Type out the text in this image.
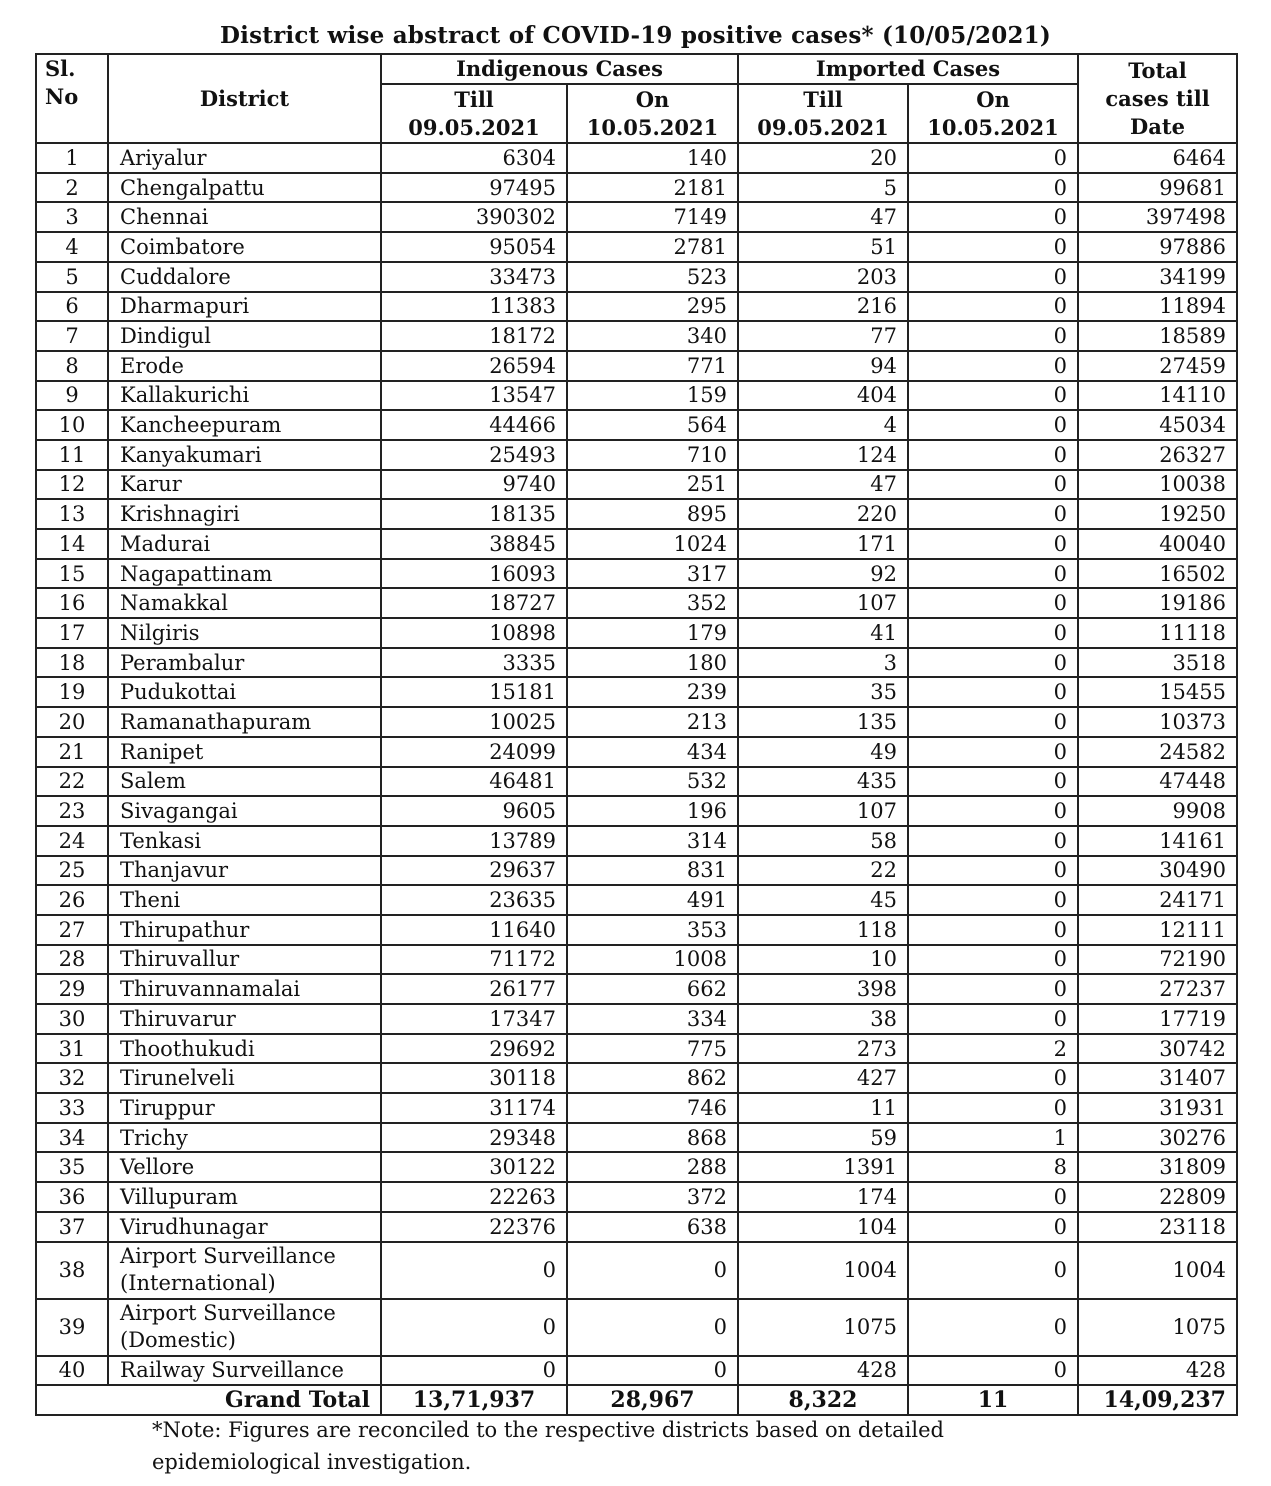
District wise abstract of COVID-19 positive cases* (10/05/2021)
Sl.
No	District	Indigenous Cases		Imported Cases		Total
cases till
Date
		Till	On	Till	On	
		09.05.2021	10.05.2021	09.05.2021	10.05.2021	
1	Ariyalur	6304	140	20	0	6464
2	Chengalpattu	97495	2181	5	0	99681
3	Chennai	390302	7149	47	0	397498
4	Coimbatore	95054	2781	51	0	97886
5	Cuddalore	33473	523	203	0	34199
6	Dharmapuri	11383	295	216	0	11894
7	Dindigul	18172	340	77	0	18589
8	Erode	26594	771	94	0	27459
9	Kallakurichi	13547	159	404	0	14110
10	Kancheepuram	44466	564	4	0	45034
11	Kanyakumari	25493	710	124	0	26327
12	Karur	9740	251	47	0	10038
13	Krishnagiri	18135	895	220	0	19250
14	Madurai	38845	1024	171	0	40040
15	Nagapattinam	16093	317	92	0	16502
16	Namakkal	18727	352	107	0	19186
17	Nilgiris	10898	179	41	0	11118
18	Perambalur	3335	180	3	0	3518
19	Pudukottai	15181	239	35	0	15455
20	Ramanathapuram	10025	213	135	0	10373
21	Ranipet	24099	434	49	0	24582
22	Salem	46481	532	435	0	47448
23	Sivagangai	9605	196	107	0	9908
24	Tenkasi	13789	314	58	0	14161
25	Thanjavur	29637	831	22	0	30490
26	Theni	23635	491	45	0	24171
27	Thirupathur	11640	353	118	0	12111
28	Thiruvallur	71172	1008	10	0	72190
29	Thiruvannamalai	26177	662	398	0	27237
30	Thiruvarur	17347	334	38	0	17719
31	Thoothukudi	29692	775	273	2	30742
32	Tirunelveli	30118	862	427	0	31407
33	Tiruppur	31174	746	11	0	31931
34	Trichy	29348	868	59	1	30276
35	Vellore	30122	288	1391	8	31809
36	Villupuram	22263	372	174	0	22809
37	Virudhunagar	22376	638	104	0	23118
38	Airport Surveillance (International)	0	0	1004	0	1004
39	Airport Surveillance (Domestic)	0	0	1075	0	1075
40	Railway Surveillance	0	0	428	0	428
Grand Total		13,71,937	28,967	8,322	11	14,09,237
*Note: Figures are reconciled to the respective districts based on detailed
epidemiological investigation.
